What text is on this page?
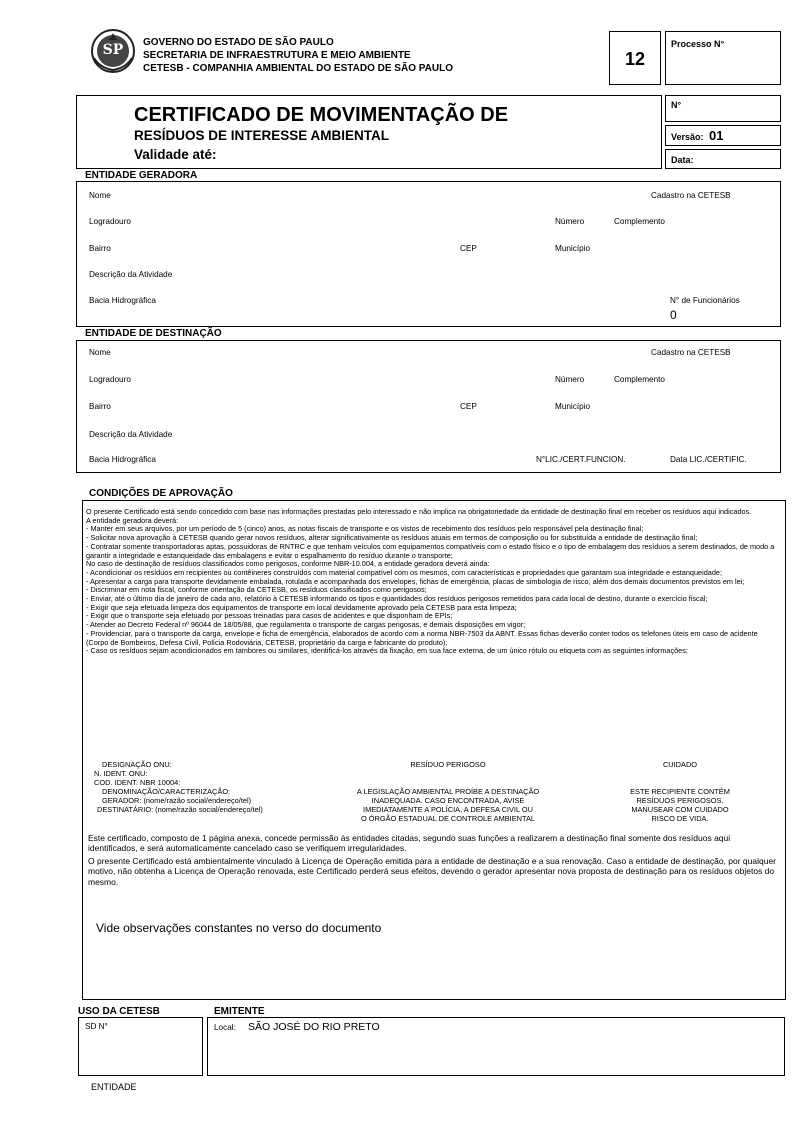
SP	GOVERNO DO ESTADO DE SÃO PAULO
SECRETARIA DE INFRAESTRUTURA E MEIO AMBIENTE
CETESB - COMPANHIA AMBIENTAL DO ESTADO DE SÃO PAULO	12
Processo N°
CERTIFICADO DE MOVIMENTAÇÃO DE
RESÍDUOS DE INTERESSE AMBIENTAL
Validade até:
N°
Versão: 01
Data:
ENTIDADE GERADORA
Nome	Cadastro na CETESB
Logradouro	Número	Complemento
Bairro	CEP	Município
Descrição da Atividade
Bacia Hidrográfica	N° de Funcionários
0
ENTIDADE DE DESTINAÇÃO
Nome	Cadastro na CETESB
Logradouro	Número	Complemento
Bairro	CEP	Município
Descrição da Atividade
Bacia Hidrográfica	N°LIC./CERT.FUNCION.	Data LIC./CERTIFIC.
CONDIÇÕES DE APROVAÇÃO

O presente Certificado está sendo concedido com base nas informações prestadas pelo interessado e não implica na obrigatoriedade da entidade de destinação final em receber os resíduos aqui indicados.

A entidade geradora deverá:

- Manter em seus arquivos, por um período de 5 (cinco) anos, as notas fiscais de transporte e os vistos de recebimento dos resíduos pelo responsável pela destinação final;

- Solicitar nova aprovação à CETESB quando gerar novos resíduos, alterar significativamente os resíduos atuais em termos de composição ou for substituída a entidade de destinação final;

- Contratar somente transportadoras aptas, possuidoras de RNTRC e que tenham veículos com equipamentos compatíveis com o estado físico e o tipo de embalagem dos resíduos a serem destinados, de modo a garantir a integridade e estanqueidade das embalagens e evitar o espalhamento do resíduo durante o transporte;

No caso de destinação de resíduos classificados como perigosos, conforme NBR-10.004, a entidade geradora deverá ainda:

- Acondicionar os resíduos em recipientes ou contêineres construídos com material compatível com os mesmos, com características e propriedades que garantam sua integridade e estanqueidade;

- Apresentar a carga para transporte devidamente embalada, rotulada e acompanhada dos envelopes, fichas de emergência, placas de simbologia de risco, além dos demais documentos previstos em lei;

- Discriminar em nota fiscal, conforme orientação da CETESB, os resíduos classificados como perigosos;

- Enviar, até o último dia de janeiro de cada ano, relatório à CETESB informando os tipos e quantidades dos resíduos perigosos remetidos para cada local de destino, durante o exercício fiscal;

- Exigir que seja efetuada limpeza dos equipamentos de transporte em local devidamente aprovado pela CETESB para esta limpeza;

- Exigir que o transporte seja efetuado por pessoas treinadas para casos de acidentes e que disponham de EPIs;

- Atender ao Decreto Federal nº 96044 de 18/05/88, que regulamenta o transporte de cargas perigosas, e demais disposições em vigor;

- Providenciar, para o transporte da carga, envelope e ficha de emergência, elaborados de acordo com a norma NBR-7503 da ABNT. Essas fichas deverão conter todos os telefones úteis em caso de acidente (Corpo de Bombeiros, Defesa Civil, Polícia Rodoviária, CETESB, proprietário da carga e fabricante do produto);

- Caso os resíduos sejam acondicionados em tambores ou similares, identificá-los através da fixação, em sua face externa, de um único rótulo ou etiqueta com as seguintes informações:

DESIGNAÇÃO ONU:
N. IDENT. ONU:
COD. IDENT. NBR 10004:
DENOMINAÇÃO/CARACTERIZAÇÃO:
GERADOR: (nome/razão social/endereço/tel)
DESTINATÁRIO: (nome/razão social/endereço/tel)
RESÍDUO PERIGOSO
A LEGISLAÇÃO AMBIENTAL PROÍBE A DESTINAÇÃO
INADEQUADA. CASO ENCONTRADA, AVISE
IMEDIATAMENTE A POLÍCIA, A DEFESA CIVIL OU
O ÓRGÃO ESTADUAL DE CONTROLE AMBIENTAL
CUIDADO
ESTE RECIPIENTE CONTÉM
RESÍDUOS PERIGOSOS.
MANUSEAR COM CUIDADO
RISCO DE VIDA.
Este certificado, composto de 1 página anexa, concede permissão às entidades citadas, segundo suas funções a realizarem a destinação final somente dos resíduos aqui identificados, e será automaticamente cancelado caso se verifiquem irregularidades.
O presente Certificado está ambientalmente vinculado à Licença de Operação emitida para a entidade de destinação e a sua renovação. Caso a entidade de destinação, por qualquer motivo, não obtenha a Licença de Operação renovada, este Certificado perderá seus efeitos, devendo o gerador apresentar nova proposta de destinação para os resíduos objetos do mesmo.
Vide observações constantes no verso do documento
USO DA CETESB	EMITENTE
SD N°	Local: SÃO JOSÉ DO RIO PRETO
ENTIDADE
